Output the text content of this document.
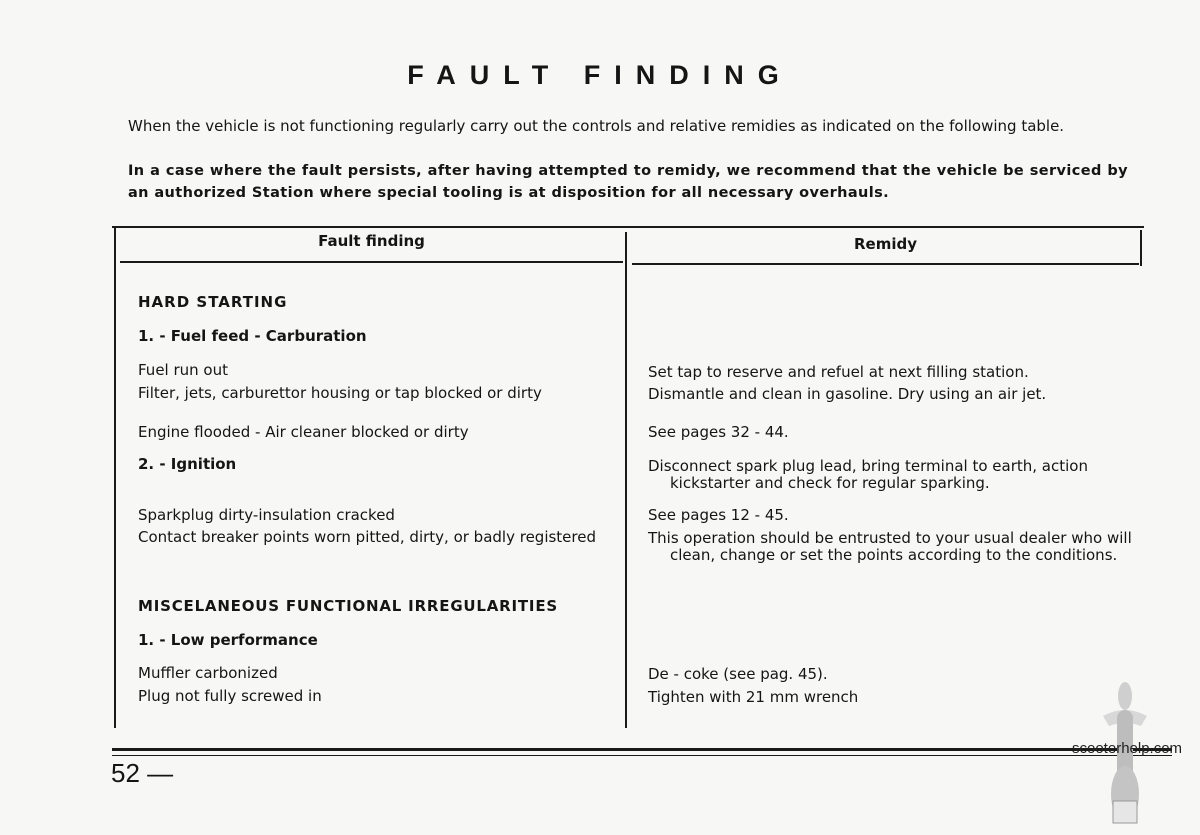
FAULT FINDING

When the vehicle is not functioning regularly carry out the controls and relative remidies as indicated on the following table.

In a case where the fault persists, after having attempted to remidy, we recommend that the vehicle be serviced by an authorized Station where special tooling is at disposition for all necessary overhauls.

Fault finding	Remidy
HARD STARTING
1. - Fuel feed - Carburation
Fuel run out	Set tap to reserve and refuel at next filling station.
Filter, jets, carburettor housing or tap blocked or dirty	Dismantle and clean in gasoline. Dry using an air jet.
Engine flooded - Air cleaner blocked or dirty	See pages 32 - 44.
2. - Ignition	Disconnect spark plug lead, bring terminal to earth, action kickstarter and check for regular sparking.
Sparkplug dirty-insulation cracked	See pages 12 - 45.
Contact breaker points worn pitted, dirty, or badly registered	This operation should be entrusted to your usual dealer who will clean, change or set the points according to the conditions.
MISCELANEOUS FUNCTIONAL IRREGULARITIES
1. - Low performance
Muffler carbonized	De - coke (see pag. 45).
Plug not fully screwed in	Tighten with 21 mm wrench
52 —
scooterhelp.com
